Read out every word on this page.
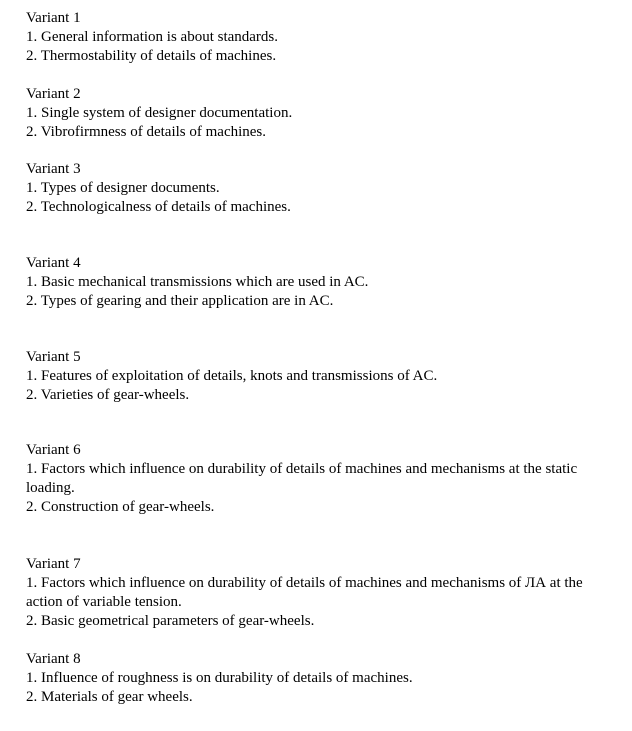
Variant 1
1. General information is about standards.
2. Thermostability of details of machines.
Variant 2
1. Single system of designer documentation.
2. Vibrofirmness of details of machines.
Variant 3
1. Types of designer documents.
2. Technologicalness of details of machines.
Variant 4
1. Basic mechanical transmissions which are used in AC.
2. Types of gearing and their application are in AC.
Variant 5
1. Features of exploitation of details, knots and transmissions of AC.
2. Varieties of gear-wheels.
Variant 6
1. Factors which influence on durability of details of machines and mechanisms at the static loading.
2. Construction of gear-wheels.
Variant 7
1. Factors which influence on durability of details of machines and mechanisms of ЛА at the action of variable tension.
2. Basic geometrical parameters of gear-wheels.
Variant 8
1. Influence of roughness is on durability of details of machines.
2. Materials of gear wheels.
